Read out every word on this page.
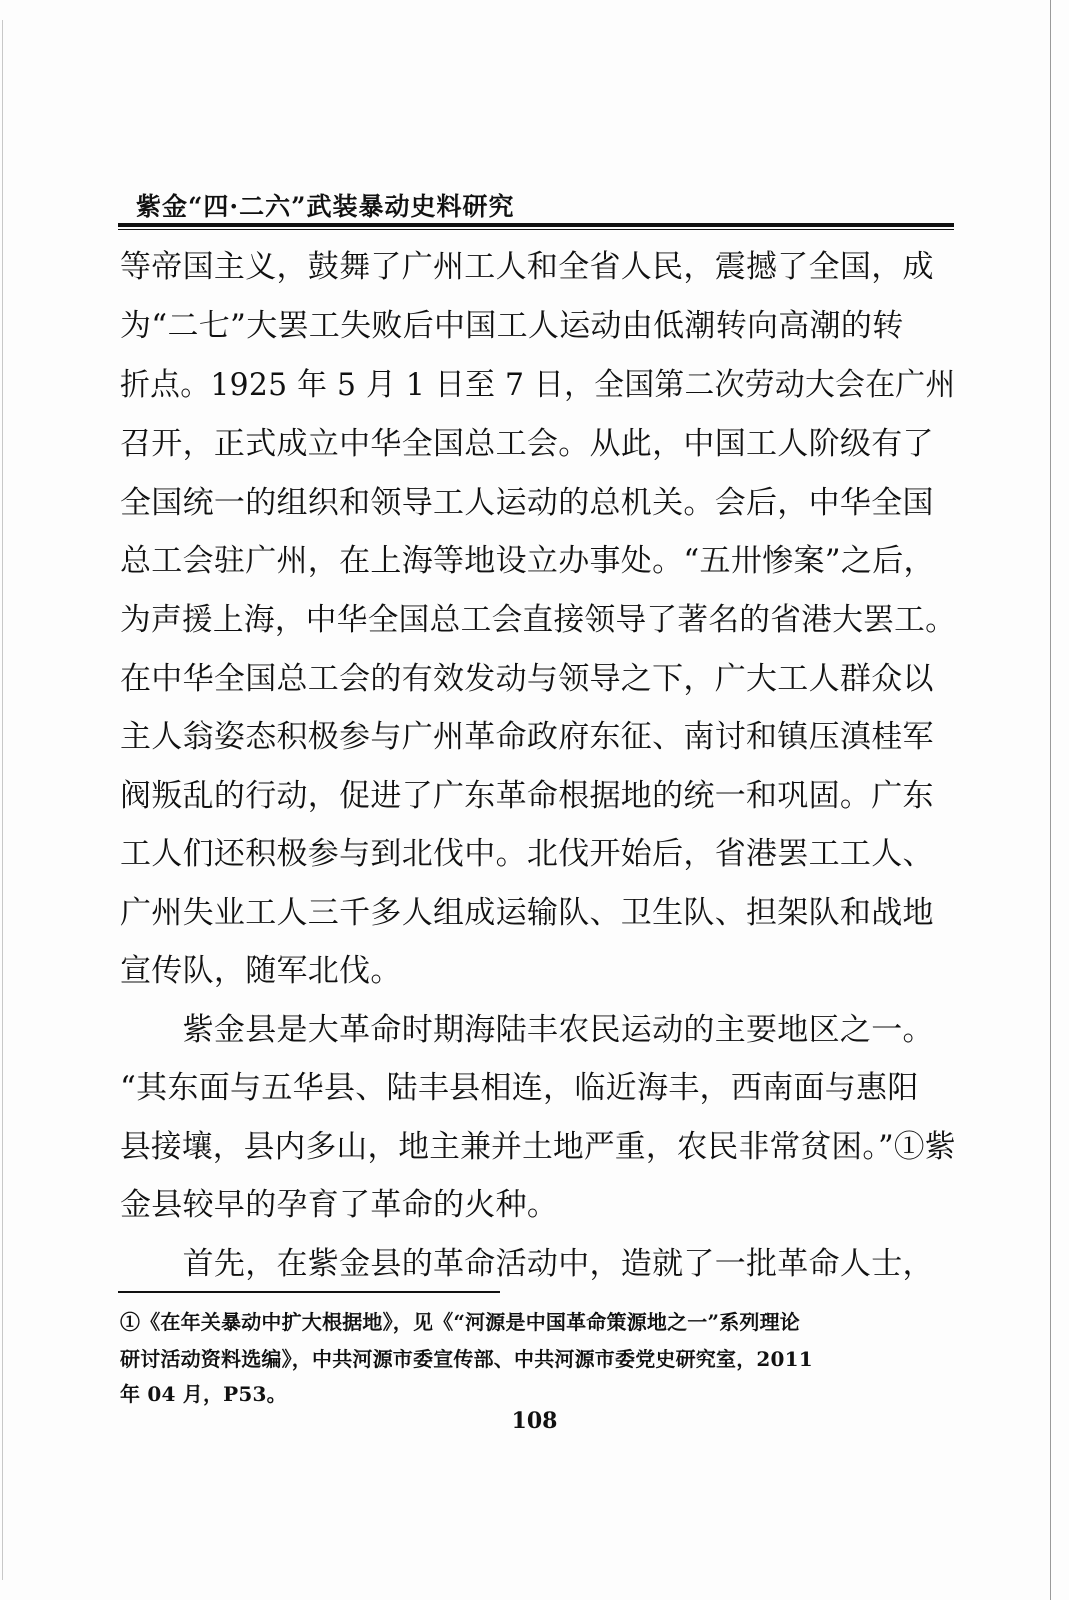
紫金“四·二六”武装暴动史料研究
等帝国主义，鼓舞了广州工人和全省人民，震撼了全国，成
为“二七”大罢工失败后中国工人运动由低潮转向高潮的转
折点。1925 年 5 月 1 日至 7 日，全国第二次劳动大会在广州
召开，正式成立中华全国总工会。从此，中国工人阶级有了
全国统一的组织和领导工人运动的总机关。会后，中华全国
总工会驻广州，在上海等地设立办事处。“五卅惨案”之后，
为声援上海，中华全国总工会直接领导了著名的省港大罢工。
在中华全国总工会的有效发动与领导之下，广大工人群众以
主人翁姿态积极参与广州革命政府东征、南讨和镇压滇桂军
阀叛乱的行动，促进了广东革命根据地的统一和巩固。广东
工人们还积极参与到北伐中。北伐开始后，省港罢工工人、
广州失业工人三千多人组成运输队、卫生队、担架队和战地
宣传队，随军北伐。
　　紫金县是大革命时期海陆丰农民运动的主要地区之一。
“其东面与五华县、陆丰县相连，临近海丰，西南面与惠阳
县接壤，县内多山，地主兼并土地严重，农民非常贫困。”①紫
金县较早的孕育了革命的火种。
　　首先，在紫金县的革命活动中，造就了一批革命人士，
①《在年关暴动中扩大根据地》，见《“河源是中国革命策源地之一”系列理论
研讨活动资料选编》，中共河源市委宣传部、中共河源市委党史研究室，2011
年 04 月，P53。
108
